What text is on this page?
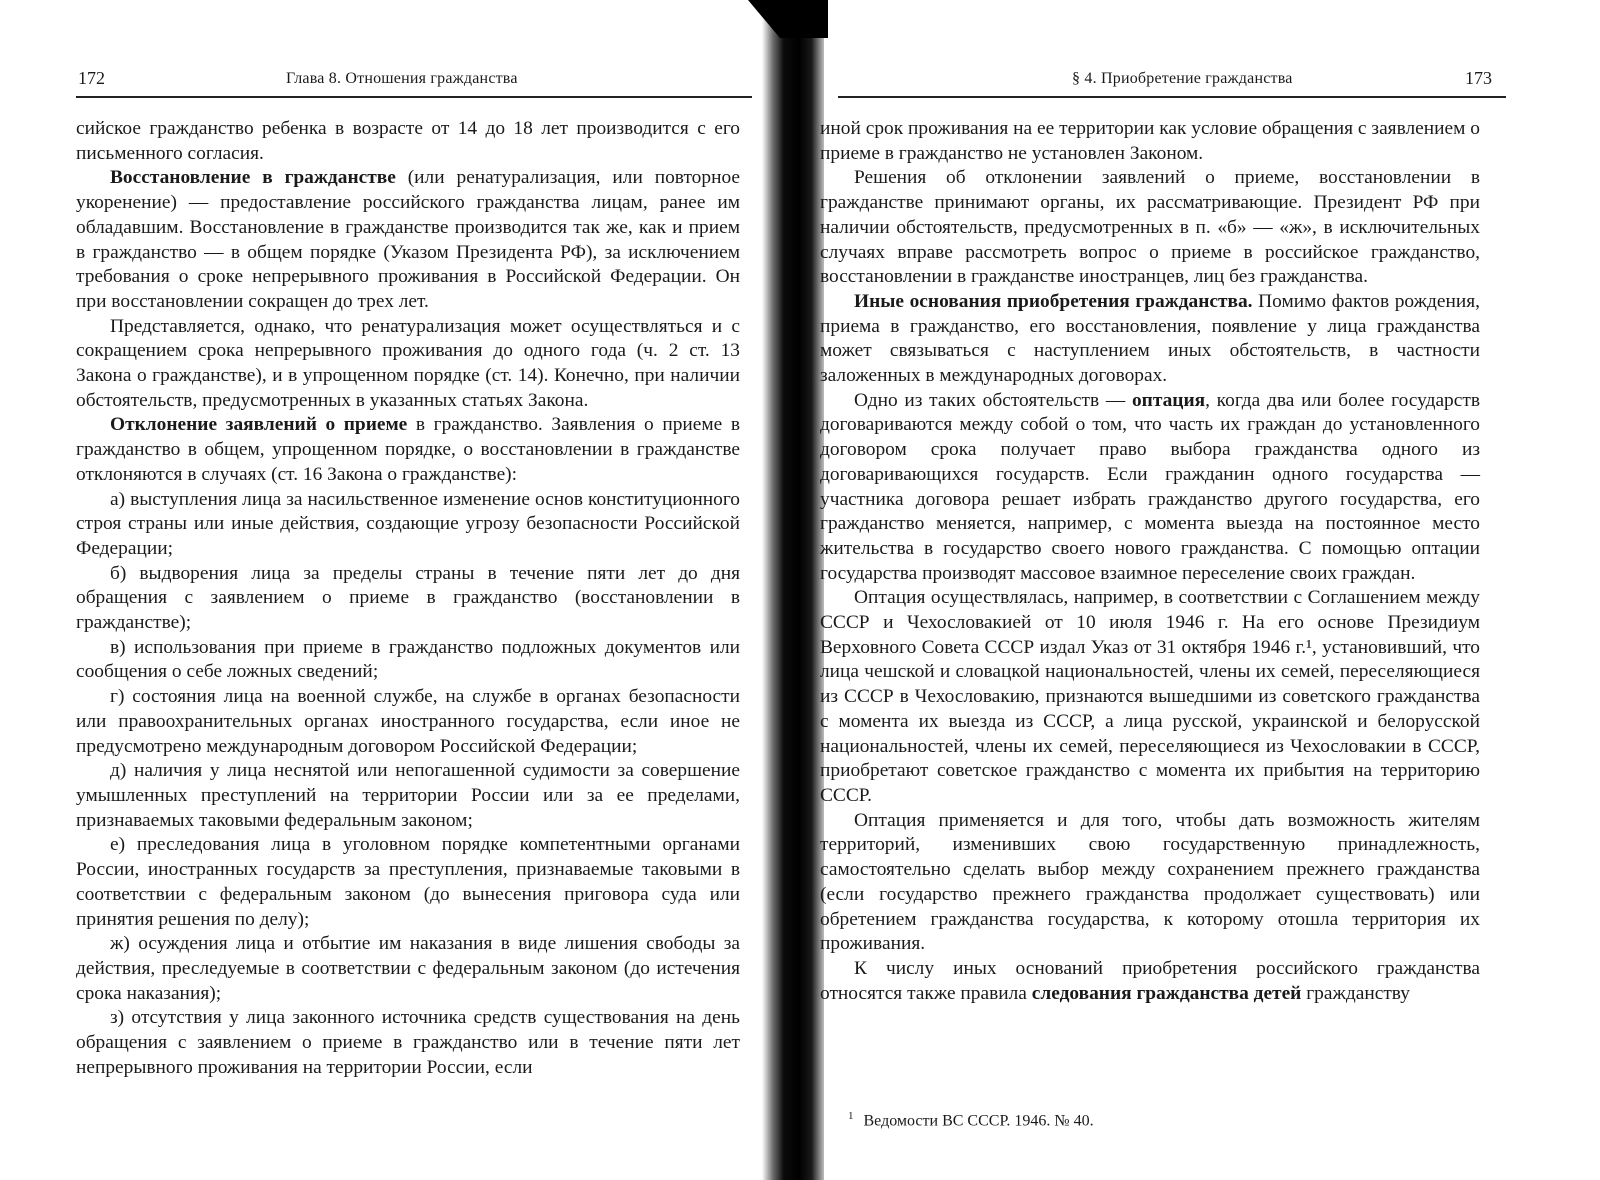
172	Глава 8. Отношения гражданства

сийское гражданство ребенка в возрасте от 14 до 18 лет производится с его письменного согласия.

Восстановление в гражданстве (или ренатурализация, или повторное укоренение) — предоставление российского гражданства лицам, ранее им обладавшим. Восстановление в гражданстве производится так же, как и прием в гражданство — в общем порядке (Указом Президента РФ), за исключением требования о сроке непрерывного проживания в Российской Федерации. Он при восстановлении сокращен до трех лет.

Представляется, однако, что ренатурализация может осуществляться и с сокращением срока непрерывного проживания до одного года (ч. 2 ст. 13 Закона о гражданстве), и в упрощенном порядке (ст. 14). Конечно, при наличии обстоятельств, предусмотренных в указанных статьях Закона.

Отклонение заявлений о приеме в гражданство. Заявления о приеме в гражданство в общем, упрощенном порядке, о восстановлении в гражданстве отклоняются в случаях (ст. 16 Закона о гражданстве):

а) выступления лица за насильственное изменение основ конституционного строя страны или иные действия, создающие угрозу безопасности Российской Федерации;

б) выдворения лица за пределы страны в течение пяти лет до дня обращения с заявлением о приеме в гражданство (восстановлении в гражданстве);

в) использования при приеме в гражданство подложных документов или сообщения о себе ложных сведений;

г) состояния лица на военной службе, на службе в органах безопасности или правоохранительных органах иностранного государства, если иное не предусмотрено международным договором Российской Федерации;

д) наличия у лица неснятой или непогашенной судимости за совершение умышленных преступлений на территории России или за ее пределами, признаваемых таковыми федеральным законом;

е) преследования лица в уголовном порядке компетентными органами России, иностранных государств за преступления, признаваемые таковыми в соответствии с федеральным законом (до вынесения приговора суда или принятия решения по делу);

ж) осуждения лица и отбытие им наказания в виде лишения свободы за действия, преследуемые в соответствии с федеральным законом (до истечения срока наказания);

з) отсутствия у лица законного источника средств существования на день обращения с заявлением о приеме в гражданство или в течение пяти лет непрерывного проживания на территории России, если

§ 4. Приобретение гражданства	173

иной срок проживания на ее территории как условие обращения с заявлением о приеме в гражданство не установлен Законом.

Решения об отклонении заявлений о приеме, восстановлении в гражданстве принимают органы, их рассматривающие. Президент РФ при наличии обстоятельств, предусмотренных в п. «б» — «ж», в исключительных случаях вправе рассмотреть вопрос о приеме в российское гражданство, восстановлении в гражданстве иностранцев, лиц без гражданства.

Иные основания приобретения гражданства. Помимо фактов рождения, приема в гражданство, его восстановления, появление у лица гражданства может связываться с наступлением иных обстоятельств, в частности заложенных в международных договорах.

Одно из таких обстоятельств — оптация, когда два или более государств договариваются между собой о том, что часть их граждан до установленного договором срока получает право выбора гражданства одного из договаривающихся государств. Если гражданин одного государства — участника договора решает избрать гражданство другого государства, его гражданство меняется, например, с момента выезда на постоянное место жительства в государство своего нового гражданства. С помощью оптации государства производят массовое взаимное переселение своих граждан.

Оптация осуществлялась, например, в соответствии с Соглашением между СССР и Чехословакией от 10 июля 1946 г. На его основе Президиум Верховного Совета СССР издал Указ от 31 октября 1946 г.¹, установивший, что лица чешской и словацкой национальностей, члены их семей, переселяющиеся из СССР в Чехословакию, признаются вышедшими из советского гражданства с момента их выезда из СССР, а лица русской, украинской и белорусской национальностей, члены их семей, переселяющиеся из Чехословакии в СССР, приобретают советское гражданство с момента их прибытия на территорию СССР.

Оптация применяется и для того, чтобы дать возможность жителям территорий, изменивших свою государственную принадлежность, самостоятельно сделать выбор между сохранением прежнего гражданства (если государство прежнего гражданства продолжает существовать) или обретением гражданства государства, к которому отошла территория их проживания.

К числу иных оснований приобретения российского гражданства относятся также правила следования гражданства детей гражданству

$^1$ Ведомости ВС СССР. 1946. № 40.
